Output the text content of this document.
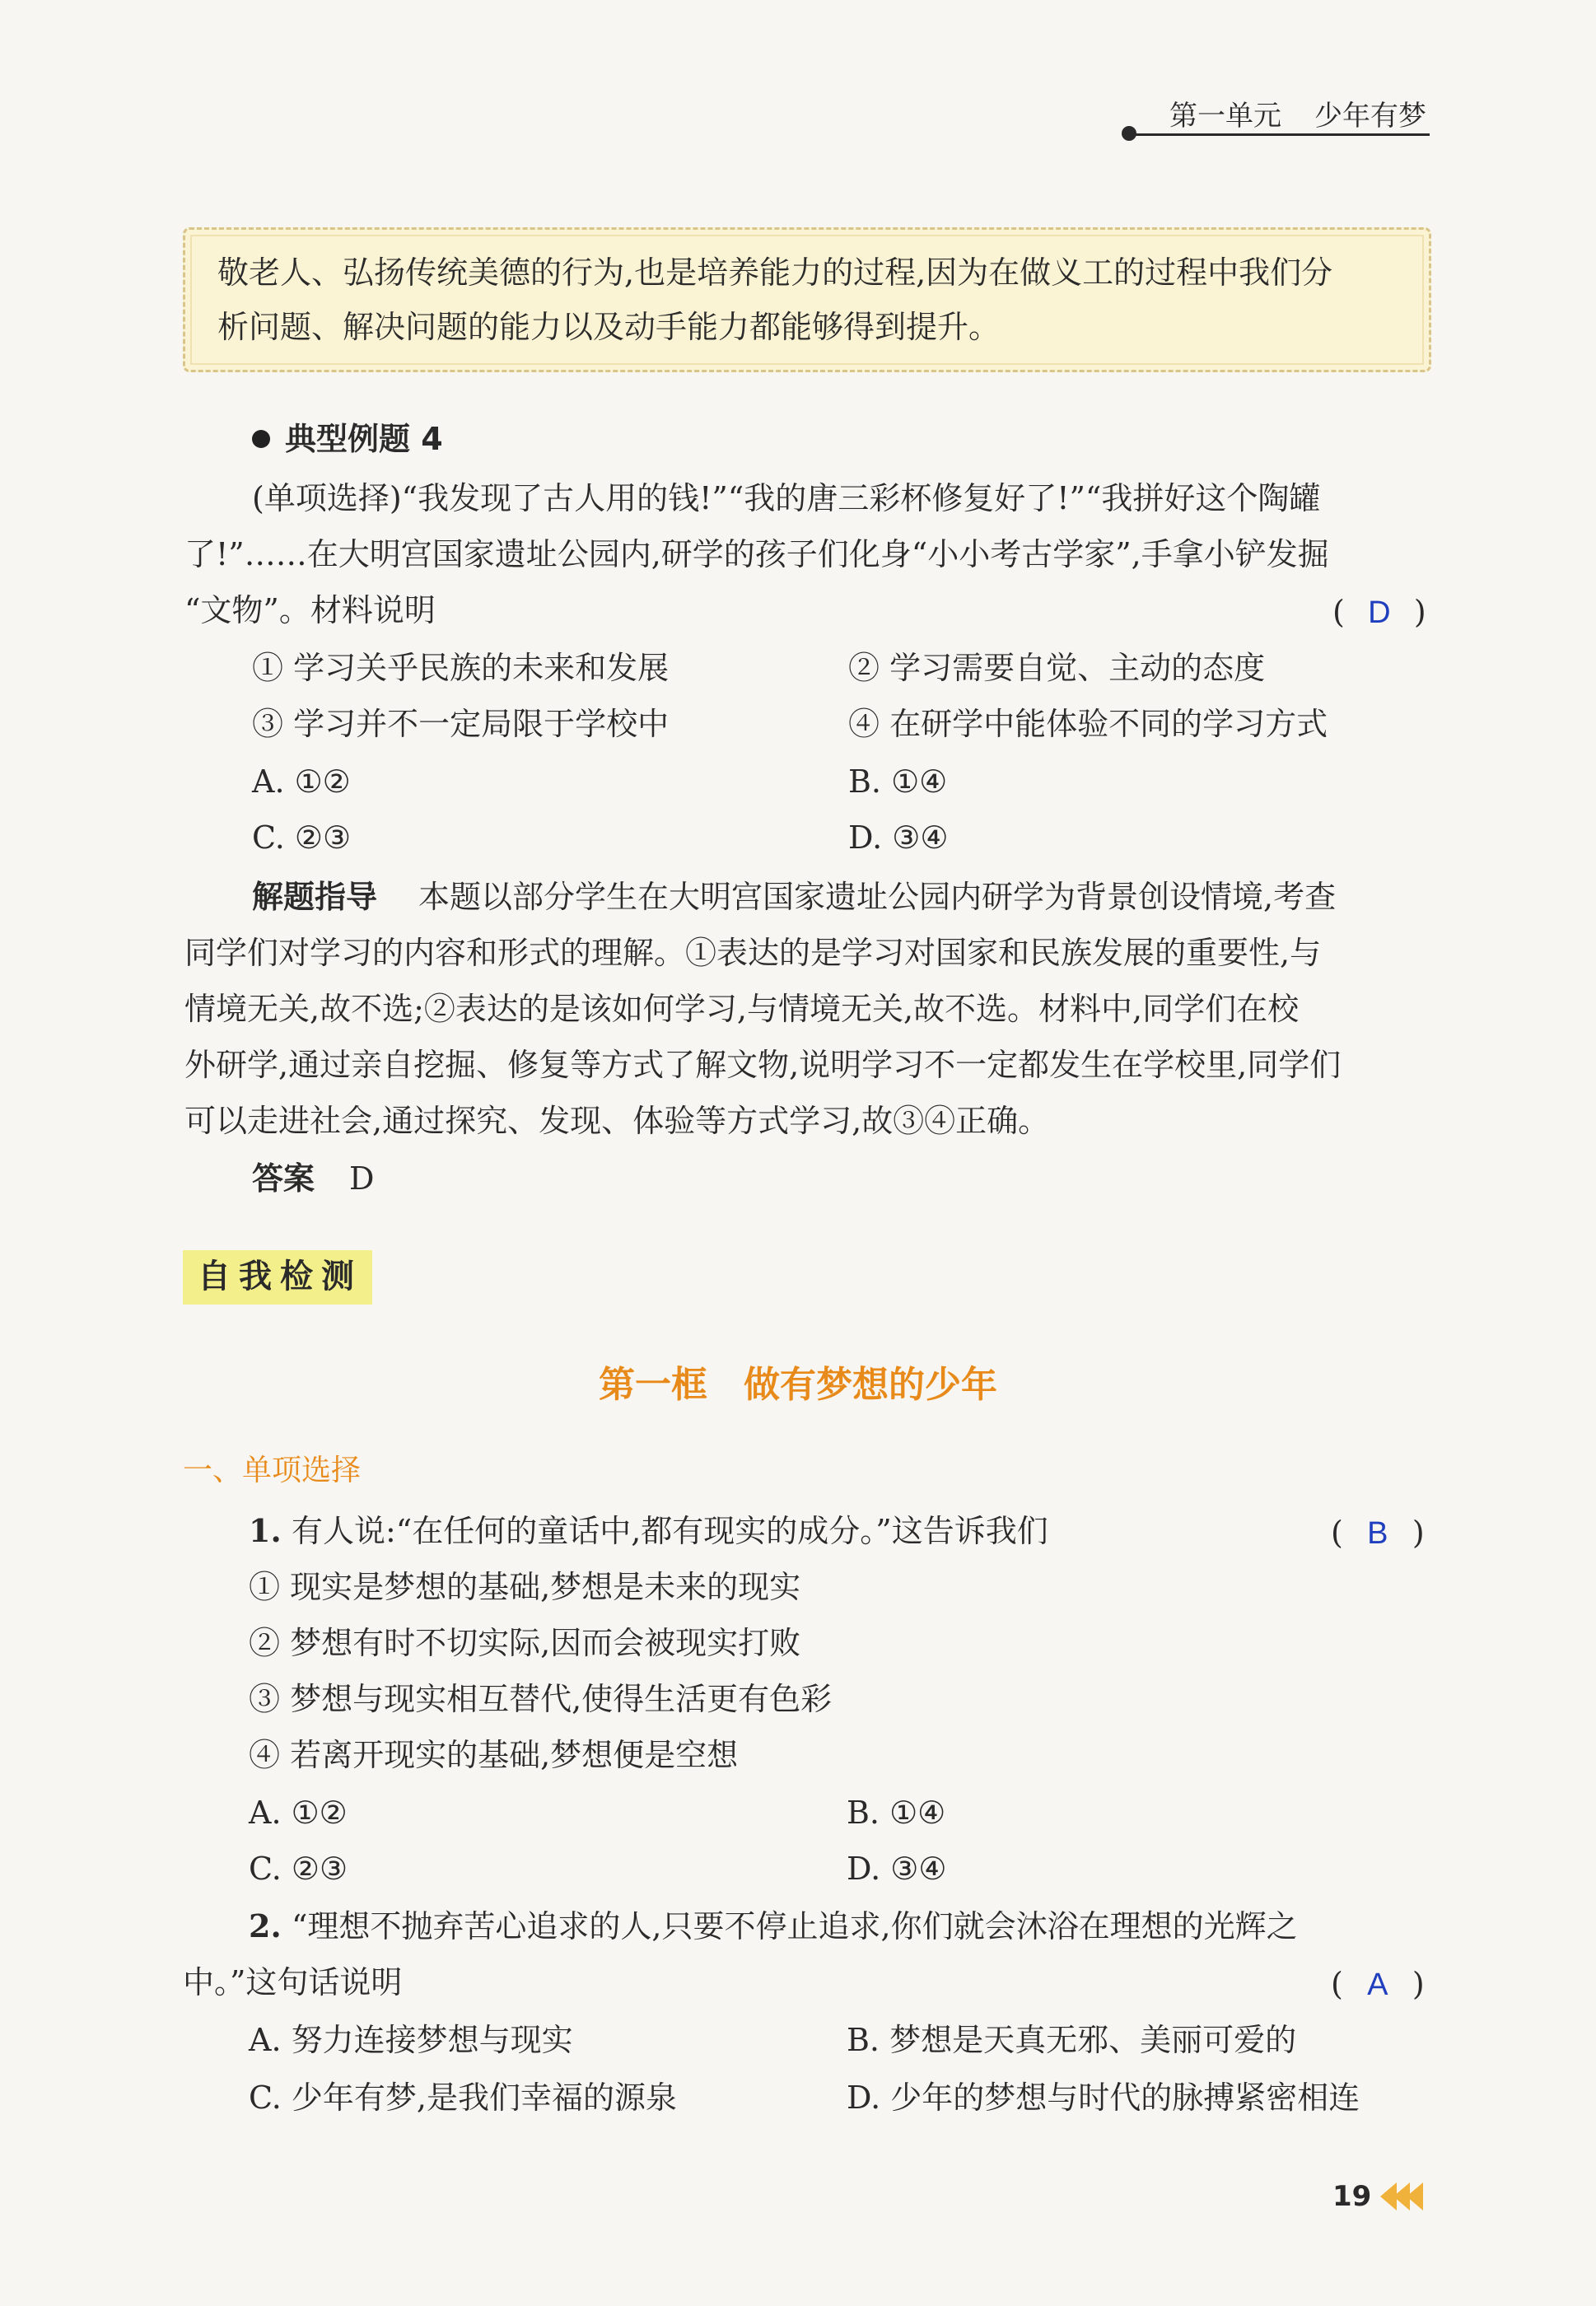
第一单元 少年有梦
敬老人、弘扬传统美德的行为,也是培养能力的过程,因为在做义工的过程中我们分
析问题、解决问题的能力以及动手能力都能够得到提升。
典型例题 4
(单项选择)“我发现了古人用的钱!”“我的唐三彩杯修复好了!”“我拼好这个陶罐
了!”……在大明宫国家遗址公园内,研学的孩子们化身“小小考古学家”,手拿小铲发掘
“文物”。材料说明	( D )
① 学习关乎民族的未来和发展	② 学习需要自觉、主动的态度
③ 学习并不一定局限于学校中	④ 在研学中能体验不同的学习方式
A. ①②	B. ①④
C. ②③	D. ③④
解题指导 本题以部分学生在大明宫国家遗址公园内研学为背景创设情境,考查
同学们对学习的内容和形式的理解。①表达的是学习对国家和民族发展的重要性,与
情境无关,故不选;②表达的是该如何学习,与情境无关,故不选。材料中,同学们在校
外研学,通过亲自挖掘、修复等方式了解文物,说明学习不一定都发生在学校里,同学们
可以走进社会,通过探究、发现、体验等方式学习,故③④正确。
答案 D
自我检测
第一框　做有梦想的少年
一、单项选择
1. 有人说:“在任何的童话中,都有现实的成分。”这告诉我们	( B )
① 现实是梦想的基础,梦想是未来的现实
② 梦想有时不切实际,因而会被现实打败
③ 梦想与现实相互替代,使得生活更有色彩
④ 若离开现实的基础,梦想便是空想
A. ①②	B. ①④
C. ②③	D. ③④
2. “理想不抛弃苦心追求的人,只要不停止追求,你们就会沐浴在理想的光辉之
中。”这句话说明	( A )
A. 努力连接梦想与现实	B. 梦想是天真无邪、美丽可爱的
C. 少年有梦,是我们幸福的源泉	D. 少年的梦想与时代的脉搏紧密相连
19
